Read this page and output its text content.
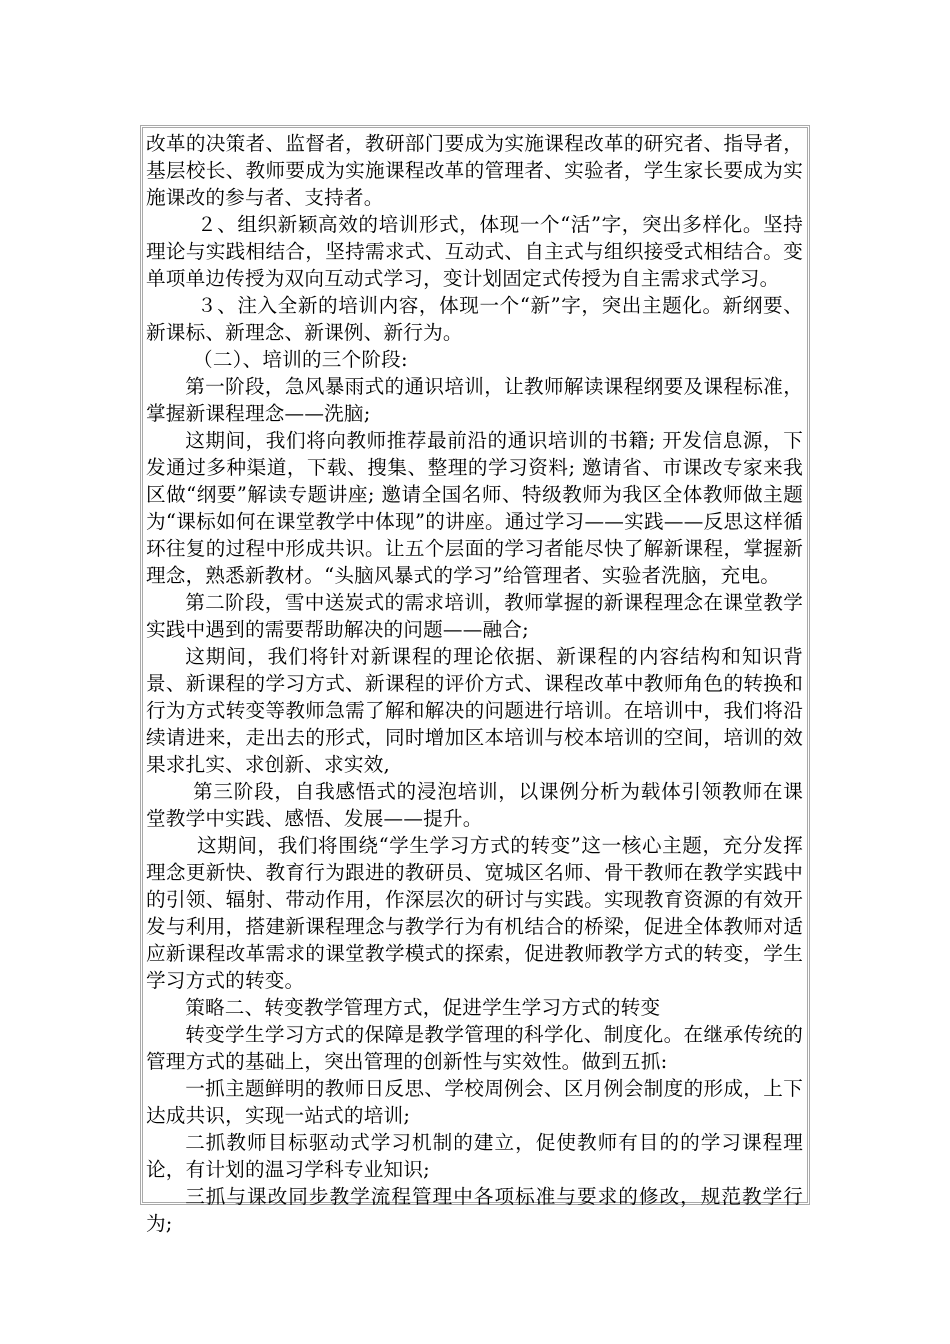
改革的决策者、监督者，教研部门要成为实施课程改革的研究者、指导者，基层校长、教师要成为实施课程改革的管理者、实验者，学生家长要成为实施课改的参与者、支持者。

２、组织新颖高效的培训形式，体现一个“活”字，突出多样化。坚持理论与实践相结合，坚持需求式、互动式、自主式与组织接受式相结合。变单项单边传授为双向互动式学习，变计划固定式传授为自主需求式学习。

３、注入全新的培训内容，体现一个“新”字，突出主题化。新纲要、新课标、新理念、新课例、新行为。

（二）、培训的三个阶段:

第一阶段，急风暴雨式的通识培训，让教师解读课程纲要及课程标准，掌握新课程理念——洗脑;

这期间，我们将向教师推荐最前沿的通识培训的书籍; 开发信息源，下发通过多种渠道，下载、搜集、整理的学习资料; 邀请省、市课改专家来我区做“纲要”解读专题讲座; 邀请全国名师、特级教师为我区全体教师做主题为“课标如何在课堂教学中体现”的讲座。通过学习——实践——反思这样循环往复的过程中形成共识。让五个层面的学习者能尽快了解新课程，掌握新理念，熟悉新教材。“头脑风暴式的学习”给管理者、实验者洗脑，充电。

第二阶段，雪中送炭式的需求培训，教师掌握的新课程理念在课堂教学实践中遇到的需要帮助解决的问题——融合;

这期间，我们将针对新课程的理论依据、新课程的内容结构和知识背景、新课程的学习方式、新课程的评价方式、课程改革中教师角色的转换和行为方式转变等教师急需了解和解决的问题进行培训。在培训中，我们将沿续请进来，走出去的形式，同时增加区本培训与校本培训的空间，培训的效果求扎实、求创新、求实效,

第三阶段，自我感悟式的浸泡培训，以课例分析为载体引领教师在课堂教学中实践、感悟、发展——提升。

这期间，我们将围绕“学生学习方式的转变”这一核心主题，充分发挥理念更新快、教育行为跟进的教研员、宽城区名师、骨干教师在教学实践中的引领、辐射、带动作用，作深层次的研讨与实践。实现教育资源的有效开发与利用，搭建新课程理念与教学行为有机结合的桥梁，促进全体教师对适应新课程改革需求的课堂教学模式的探索，促进教师教学方式的转变，学生学习方式的转变。

策略二、转变教学管理方式，促进学生学习方式的转变

转变学生学习方式的保障是教学管理的科学化、制度化。在继承传统的管理方式的基础上，突出管理的创新性与实效性。做到五抓:

一抓主题鲜明的教师日反思、学校周例会、区月例会制度的形成，上下达成共识，实现一站式的培训;

二抓教师目标驱动式学习机制的建立，促使教师有目的的学习课程理论，有计划的温习学科专业知识;

三抓与课改同步教学流程管理中各项标准与要求的修改，规范教学行为;
